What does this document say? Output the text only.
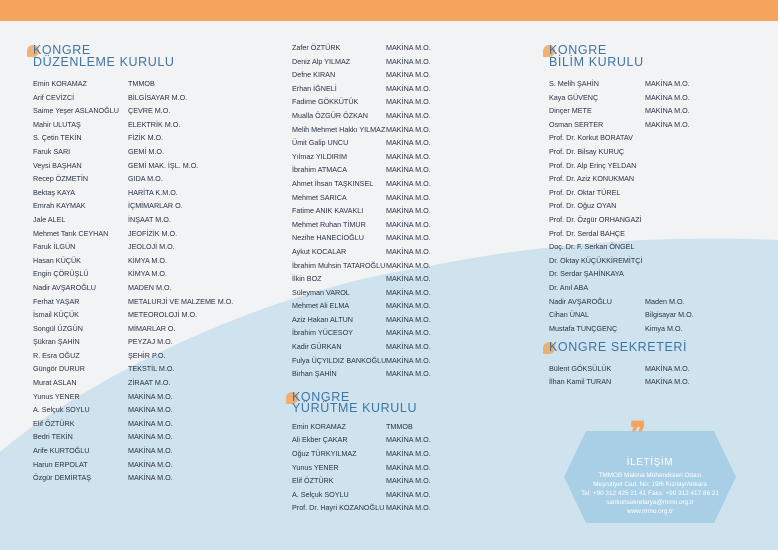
KONGRE
DÜZENLEME KURULU
Emin KORAMAZ	TMMOB
Arif CEVİZCİ	BİLGİSAYAR M.O.
Saime Yeşer ASLANOĞLU	ÇEVRE M.O.
Mahir ULUTAŞ	ELEKTRİK M.O.
S. Çetin TEKİN	FİZİK M.O.
Faruk SARI	GEMİ M.O.
Veysi BAŞHAN	GEMİ MAK. İŞL. M.O.
Recep ÖZMETİN	GIDA M.O.
Bektaş KAYA	HARİTA K.M.O.
Emrah KAYMAK	İÇMİMARLAR O.
Jale ALEL	İNŞAAT M.O.
Mehmet Tarık CEYHAN	JEOFİZİK M.O.
Faruk İLGÜN	JEOLOJİ M.O.
Hasan KÜÇÜK	KİMYA M.O.
Engin ÇÖRÜŞLÜ	KİMYA M.O.
Nadir AVŞAROĞLU	MADEN M.O.
Ferhat YAŞAR	METALURJİ VE MALZEME M.O.
İsmail KÜÇÜK	METEOROLOJİ M.O.
Songül ÜZGÜN	MİMARLAR O.
Şükran ŞAHİN	PEYZAJ M.O.
R. Esra OĞUZ	ŞEHİR P.O.
Güngör DURUR	TEKSTİL M.O.
Murat ASLAN	ZİRAAT M.O.
Yunus YENER	MAKİNA M.O.
A. Selçuk SOYLU	MAKİNA M.O.
Elif ÖZTÜRK	MAKİNA M.O.
Bedri TEKİN	MAKİNA M.O.
Arife KURTOĞLU	MAKİNA M.O.
Harun ERPOLAT	MAKİNA M.O.
Özgür DEMİRTAŞ	MAKİNA M.O.
Zafer ÖZTÜRK	MAKİNA M.O.
Deniz Alp YILMAZ	MAKİNA M.O.
Defne KIRAN	MAKİNA M.O.
Erhan İĞNELİ	MAKİNA M.O.
Fadime GÖKKÜTÜK	MAKİNA M.O.
Mualla ÖZGÜR ÖZKAN	MAKİNA M.O.
Melih Mehmet Hakkı YILMAZ MAKİNA M.O.
Ümit Galip UNCU	MAKİNA M.O.
Yılmaz YILDIRIM	MAKİNA M.O.
İbrahim ATMACA	MAKİNA M.O.
Ahmet İhsan TAŞKINSEL	MAKİNA M.O.
Mehmet SARICA	MAKİNA M.O.
Fatime ANIK KAVAKLI	MAKİNA M.O.
Mehmet Ruhan TİMUR	MAKİNA M.O.
Nezihe HANECİOĞLU	MAKİNA M.O.
Aykut KOCALAR	MAKİNA M.O.
İbrahim Muhsin TATAROĞLU MAKİNA M.O.
İlkin BOZ	MAKİNA M.O.
Süleyman VAROL	MAKİNA M.O.
Mehmet Ali ELMA	MAKİNA M.O.
Aziz Hakan ALTUN	MAKİNA M.O.
İbrahim YÜCESOY	MAKİNA M.O.
Kadir GÜRKAN	MAKİNA M.O.
Fulya ÜÇYILDIZ BANKOĞLU MAKİNA M.O.
Birhan ŞAHİN	MAKİNA M.O.
KONGRE
YÜRÜTME KURULU
Emin KORAMAZ	TMMOB
Ali Ekber ÇAKAR	MAKİNA M.O.
Oğuz TÜRKYILMAZ	MAKİNA M.O.
Yunus YENER	MAKİNA M.O.
Elif ÖZTÜRK	MAKİNA M.O.
A. Selçuk SOYLU	MAKİNA M.O.
Prof. Dr. Hayri KOZANOĞLU MAKİNA M.O.
KONGRE
BİLİM KURULU
S. Melih ŞAHİN	MAKİNA M.O.
Kaya GÜVENÇ	MAKİNA M.O.
Dinçer METE	MAKİNA M.O.
Osman SERTER	MAKİNA M.O.
Prof. Dr. Korkut BORATAV
Prof. Dr. Bilsay KURUÇ
Prof. Dr. Alp Erinç YELDAN
Prof. Dr. Aziz KONUKMAN
Prof. Dr. Oktar TÜREL
Prof. Dr. Oğuz OYAN
Prof. Dr. Özgür ORHANGAZİ
Prof. Dr. Serdal BAHÇE
Doç. Dr. F. Serkan ÖNGEL
Dr. Oktay KÜÇÜKKİREMİTÇİ
Dr. Serdar ŞAHİNKAYA
Dr. Anıl ABA
Nadir AVŞAROĞLU	Maden M.O.
Cihan ÜNAL	Bilgisayar M.O.
Mustafa TUNÇGENÇ	Kimya M.O.
KONGRE SEKRETERİ
Bülent GÖKSÜLÜK	MAKİNA M.O.
İlhan Kamil TURAN	MAKİNA M.O.
İLETİŞİM
TMMOB Makina Mühendisleri Odası
Meşrutiyet Cad. No: 19/6 Kızılay/Ankara
Tel: +90 312 425 21 41 Faks: +90 312 417 86 21
sankonsekretarya@mmo.org.tr
www.mmo.org.tr
❞
